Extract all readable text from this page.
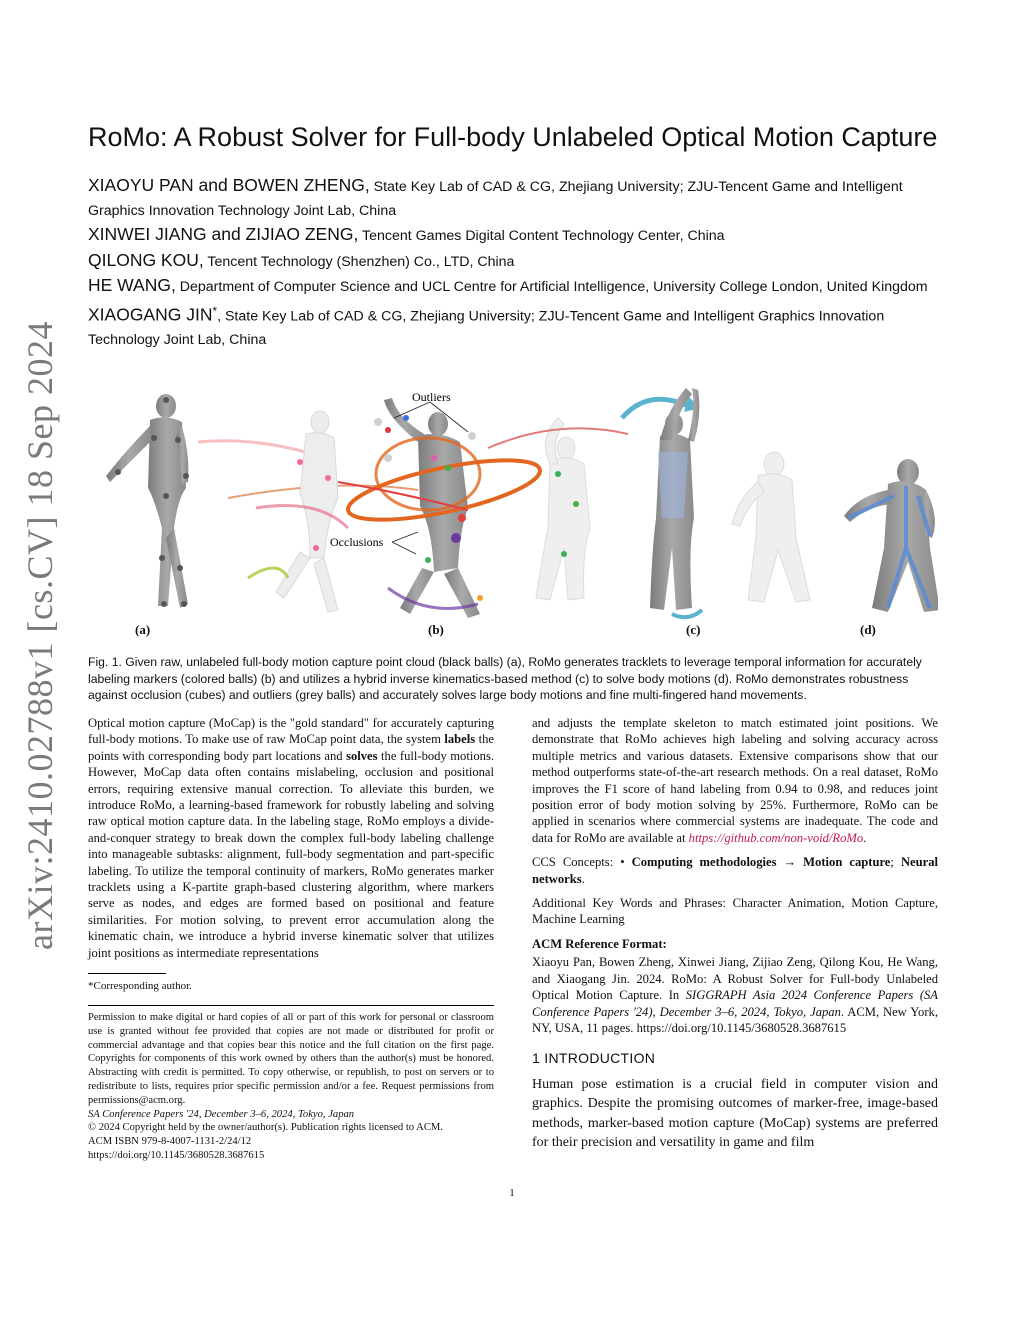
arXiv:2410.02788v1 [cs.CV] 18 Sep 2024
RoMo: A Robust Solver for Full-body Unlabeled Optical Motion Capture

XIAOYU PAN and BOWEN ZHENG, State Key Lab of CAD & CG, Zhejiang University; ZJU-Tencent Game and Intelligent Graphics Innovation Technology Joint Lab, China

XINWEI JIANG and ZIJIAO ZENG, Tencent Games Digital Content Technology Center, China

QILONG KOU, Tencent Technology (Shenzhen) Co., LTD, China

HE WANG, Department of Computer Science and UCL Centre for Artificial Intelligence, University College London, United Kingdom

XIAOGANG JIN*, State Key Lab of CAD & CG, Zhejiang University; ZJU-Tencent Game and Intelligent Graphics Innovation Technology Joint Lab, China

Outliers
Occlusions
(a)	(b)	(c)	(d)
Fig. 1. Given raw, unlabeled full-body motion capture point cloud (black balls) (a), RoMo generates tracklets to leverage temporal information for accurately labeling markers (colored balls) (b) and utilizes a hybrid inverse kinematics-based method (c) to solve body motions (d). RoMo demonstrates robustness against occlusion (cubes) and outliers (grey balls) and accurately solves large body motions and fine multi-fingered hand movements.

Optical motion capture (MoCap) is the "gold standard" for accurately capturing full-body motions. To make use of raw MoCap point data, the system labels the points with corresponding body part locations and solves the full-body motions. However, MoCap data often contains mislabeling, occlusion and positional errors, requiring extensive manual correction. To alleviate this burden, we introduce RoMo, a learning-based framework for robustly labeling and solving raw optical motion capture data. In the labeling stage, RoMo employs a divide-and-conquer strategy to break down the complex full-body labeling challenge into manageable subtasks: alignment, full-body segmentation and part-specific labeling. To utilize the temporal continuity of markers, RoMo generates marker tracklets using a K-partite graph-based clustering algorithm, where markers serve as nodes, and edges are formed based on positional and feature similarities. For motion solving, to prevent error accumulation along the kinematic chain, we introduce a hybrid inverse kinematic solver that utilizes joint positions as intermediate representations

*Corresponding author.

Permission to make digital or hard copies of all or part of this work for personal or classroom use is granted without fee provided that copies are not made or distributed for profit or commercial advantage and that copies bear this notice and the full citation on the first page. Copyrights for components of this work owned by others than the author(s) must be honored. Abstracting with credit is permitted. To copy otherwise, or republish, to post on servers or to redistribute to lists, requires prior specific permission and/or a fee. Request permissions from permissions@acm.org.

SA Conference Papers '24, December 3–6, 2024, Tokyo, Japan

© 2024 Copyright held by the owner/author(s). Publication rights licensed to ACM.

ACM ISBN 979-8-4007-1131-2/24/12

https://doi.org/10.1145/3680528.3687615

and adjusts the template skeleton to match estimated joint positions. We demonstrate that RoMo achieves high labeling and solving accuracy across multiple metrics and various datasets. Extensive comparisons show that our method outperforms state-of-the-art research methods. On a real dataset, RoMo improves the F1 score of hand labeling from 0.94 to 0.98, and reduces joint position error of body motion solving by 25%. Furthermore, RoMo can be applied in scenarios where commercial systems are inadequate. The code and data for RoMo are available at https://github.com/non-void/RoMo.

CCS Concepts: • Computing methodologies → Motion capture; Neural networks.

Additional Key Words and Phrases: Character Animation, Motion Capture, Machine Learning

ACM Reference Format:

Xiaoyu Pan, Bowen Zheng, Xinwei Jiang, Zijiao Zeng, Qilong Kou, He Wang, and Xiaogang Jin. 2024. RoMo: A Robust Solver for Full-body Unlabeled Optical Motion Capture. In SIGGRAPH Asia 2024 Conference Papers (SA Conference Papers '24), December 3–6, 2024, Tokyo, Japan. ACM, New York, NY, USA, 11 pages. https://doi.org/10.1145/3680528.3687615

1 INTRODUCTION

Human pose estimation is a crucial field in computer vision and graphics. Despite the promising outcomes of marker-free, image-based methods, marker-based motion capture (MoCap) systems are preferred for their precision and versatility in game and film

1
